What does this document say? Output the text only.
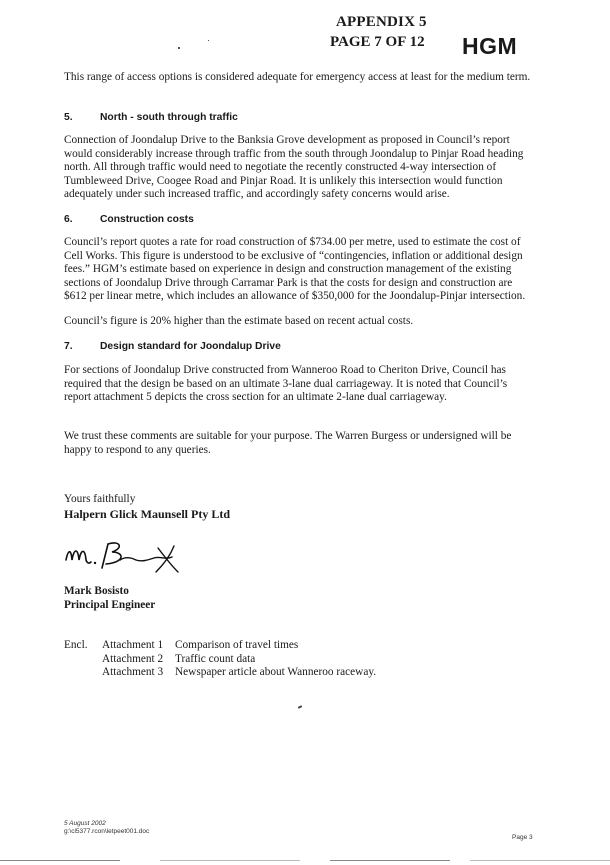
APPENDIX 5
PAGE 7 OF 12 HGM
This range of access options is considered adequate for emergency access at least for the medium term.
5.	North - south through traffic
Connection of Joondalup Drive to the Banksia Grove development as proposed in Council’s report would considerably increase through traffic from the south through Joondalup to Pinjar Road heading north. All through traffic would need to negotiate the recently constructed 4-way intersection of Tumbleweed Drive, Coogee Road and Pinjar Road. It is unlikely this intersection would function adequately under such increased traffic, and accordingly safety concerns would arise.
6.	Construction costs
Council’s report quotes a rate for road construction of $734.00 per metre, used to estimate the cost of Cell Works. This figure is understood to be exclusive of “contingencies, inflation or additional design fees.” HGM’s estimate based on experience in design and construction management of the existing sections of Joondalup Drive through Carramar Park is that the costs for design and construction are $612 per linear metre, which includes an allowance of $350,000 for the Joondalup-Pinjar intersection.
Council’s figure is 20% higher than the estimate based on recent actual costs.
7.	Design standard for Joondalup Drive
For sections of Joondalup Drive constructed from Wanneroo Road to Cheriton Drive, Council has required that the design be based on an ultimate 3-lane dual carriageway. It is noted that Council’s report attachment 5 depicts the cross section for an ultimate 2-lane dual carriageway.
We trust these comments are suitable for your purpose. The Warren Burgess or undersigned will be happy to respond to any queries.
Yours faithfully
Halpern Glick Maunsell Pty Ltd
Mark Bosisto
Principal Engineer
Encl.	Attachment 1	Comparison of travel times
Attachment 2	Traffic count data
Attachment 3	Newspaper article about Wanneroo raceway.
5 August 2002
g:\cl5377.rcon\letpeet001.doc
Page 3
